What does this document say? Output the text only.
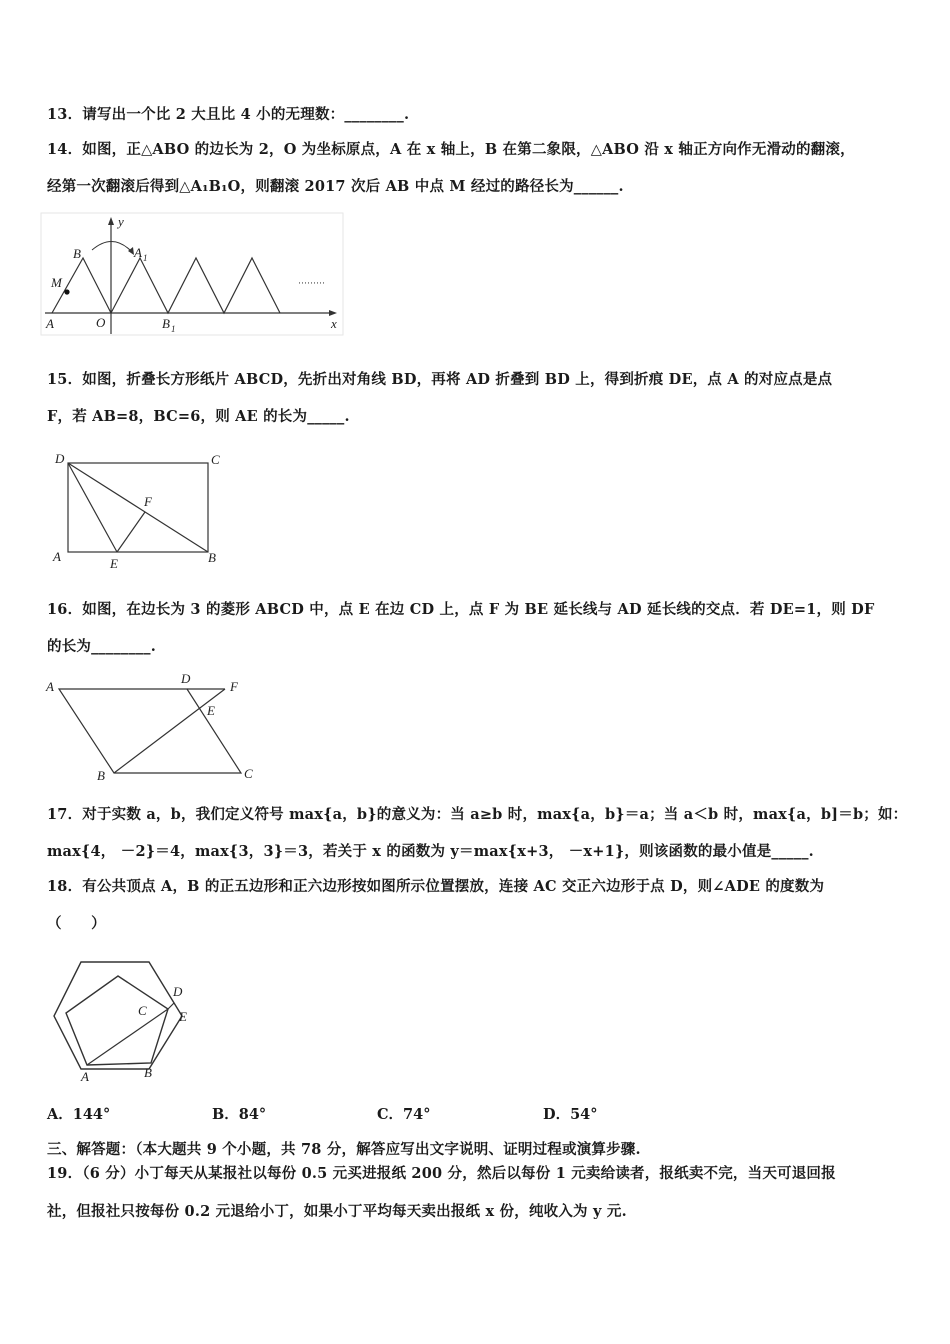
13．请写出一个比 2 大且比 4 小的无理数：________.
14．如图，正△ABO 的边长为 2，O 为坐标原点，A 在 x 轴上，B 在第二象限，△ABO 沿 x 轴正方向作无滑动的翻滚，
经第一次翻滚后得到△A₁B₁O，则翻滚 2017 次后 AB 中点 M 经过的路径长为______.
y
B	A 1
M
A	O	B 1	x
·········
15．如图，折叠长方形纸片 ABCD，先折出对角线 BD，再将 AD 折叠到 BD 上，得到折痕 DE，点 A 的对应点是点
F，若 AB=8，BC=6，则 AE 的长为_____.
D	C
F
A	E	B
16．如图，在边长为 3 的菱形 ABCD 中，点 E 在边 CD 上，点 F 为 BE 延长线与 AD 延长线的交点．若 DE=1，则 DF
的长为________.
A
D
F
E
B	C
17．对于实数 a，b，我们定义符号 max{a，b}的意义为：当 a≥b 时，max{a，b}＝a；当 a＜b 时，max{a，b]＝b；如：
max{4， －2}＝4，max{3，3}＝3，若关于 x 的函数为 y＝max{x+3， －x+1}，则该函数的最小值是_____.
18．有公共顶点 A，B 的正五边形和正六边形按如图所示位置摆放，连接 AC 交正六边形于点 D，则∠ADE 的度数为
（　　）
C
D
E
A	B
A．144°	B．84°	C．74°	D．54°
三、解答题：（本大题共 9 个小题，共 78 分，解答应写出文字说明、证明过程或演算步骤.
19．（6 分）小丁每天从某报社以每份 0.5 元买进报纸 200 分，然后以每份 1 元卖给读者，报纸卖不完，当天可退回报
社，但报社只按每份 0.2 元退给小丁，如果小丁平均每天卖出报纸 x 份，纯收入为 y 元.
